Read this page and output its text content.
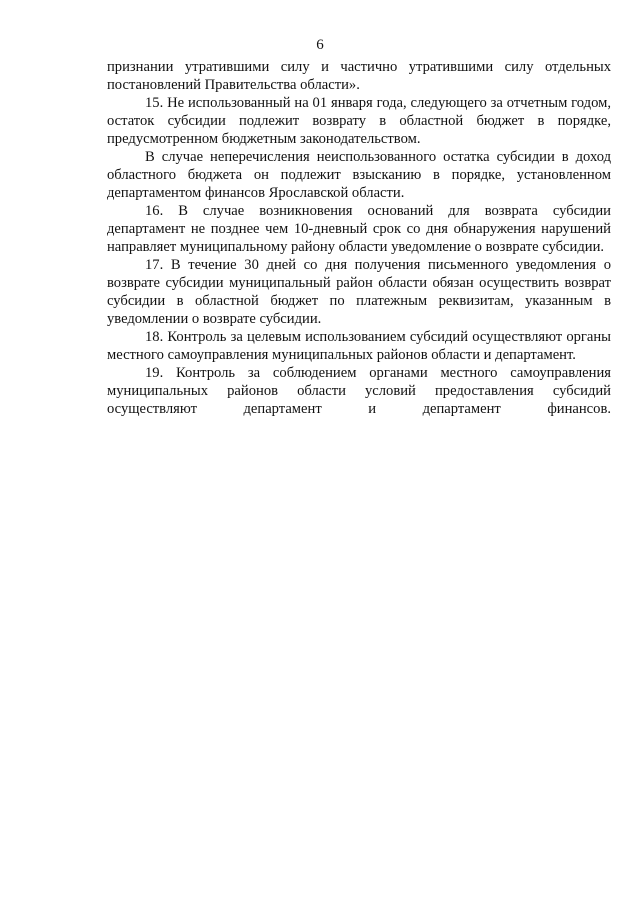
6

признании утратившими силу и частично утратившими силу отдельных постановлений Правительства области».

15. Не использованный на 01 января года, следующего за отчетным годом, остаток субсидии подлежит возврату в областной бюджет в порядке, предусмотренном бюджетным законодательством.

В случае неперечисления неиспользованного остатка субсидии в доход областного бюджета он подлежит взысканию в порядке, установленном департаментом финансов Ярославской области.

16. В случае возникновения оснований для возврата субсидии департамент не позднее чем 10-дневный срок со дня обнаружения нарушений направляет муниципальному району области уведомление о возврате субсидии.

17. В течение 30 дней со дня получения письменного уведомления о возврате субсидии муниципальный район области обязан осуществить возврат субсидии в областной бюджет по платежным реквизитам, указанным в уведомлении о возврате субсидии.

18. Контроль за целевым использованием субсидий осуществляют органы местного самоуправления муниципальных районов области и департамент.

19. Контроль за соблюдением органами местного самоуправления муниципальных районов области условий предоставления субсидий осуществляют департамент и департамент финансов.
